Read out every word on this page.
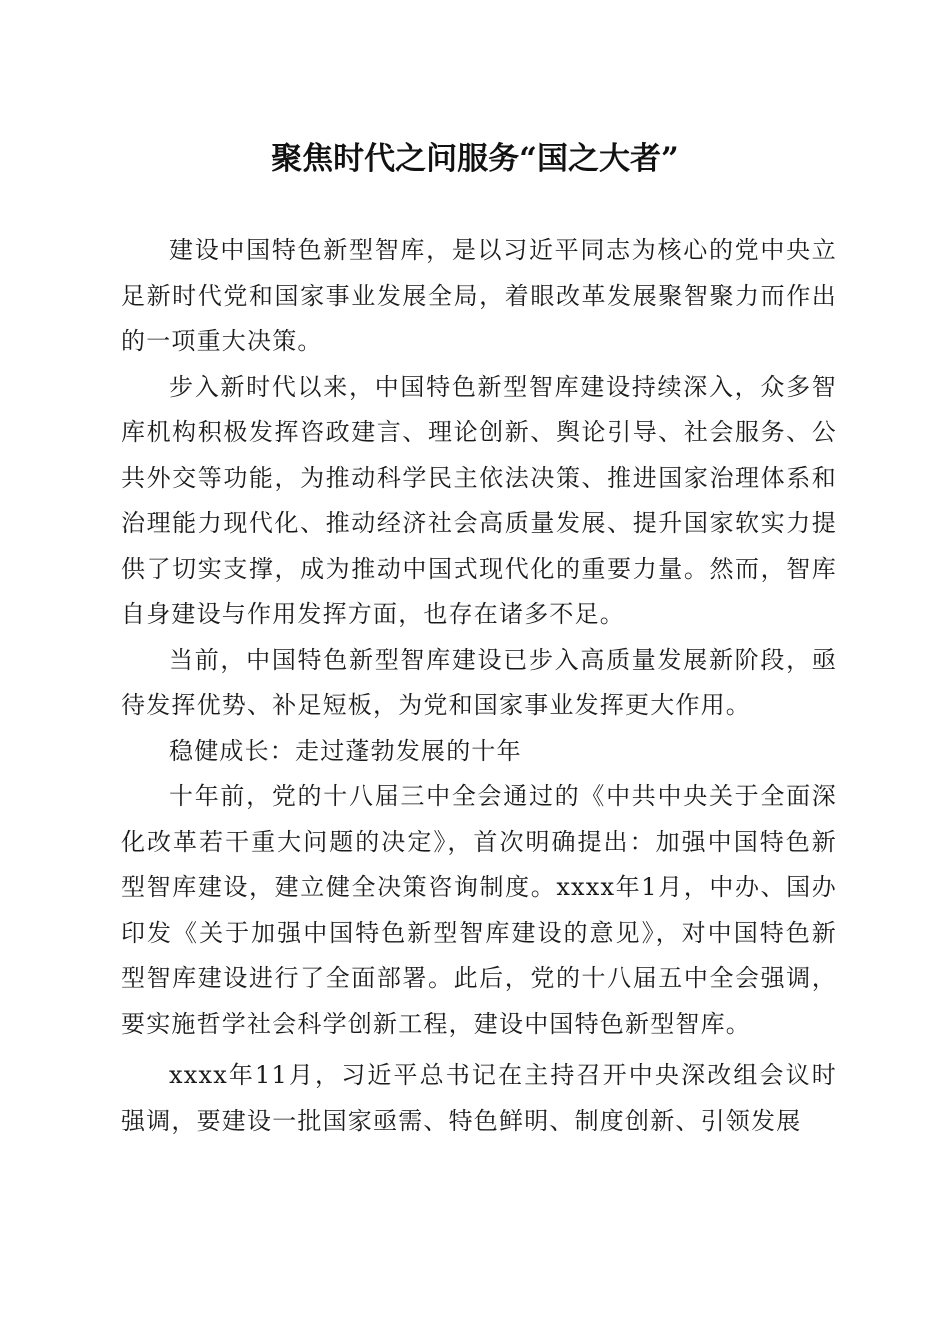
聚焦时代之问服务“国之大者”

建设中国特色新型智库，是以习近平同志为核心的党中央立足新时代党和国家事业发展全局，着眼改革发展聚智聚力而作出的一项重大决策。

步入新时代以来，中国特色新型智库建设持续深入，众多智库机构积极发挥咨政建言、理论创新、舆论引导、社会服务、公共外交等功能，为推动科学民主依法决策、推进国家治理体系和治理能力现代化、推动经济社会高质量发展、提升国家软实力提供了切实支撑，成为推动中国式现代化的重要力量。然而，智库自身建设与作用发挥方面，也存在诸多不足。

当前，中国特色新型智库建设已步入高质量发展新阶段，亟待发挥优势、补足短板，为党和国家事业发挥更大作用。

稳健成长：走过蓬勃发展的十年

十年前，党的十八届三中全会通过的《中共中央关于全面深化改革若干重大问题的决定》，首次明确提出：加强中国特色新型智库建设，建立健全决策咨询制度。xxxx年1月，中办、国办印发《关于加强中国特色新型智库建设的意见》，对中国特色新型智库建设进行了全面部署。此后，党的十八届五中全会强调，要实施哲学社会科学创新工程，建设中国特色新型智库。

xxxx年11月，习近平总书记在主持召开中央深改组会议时强调，要建设一批国家亟需、特色鲜明、制度创新、引领发展
